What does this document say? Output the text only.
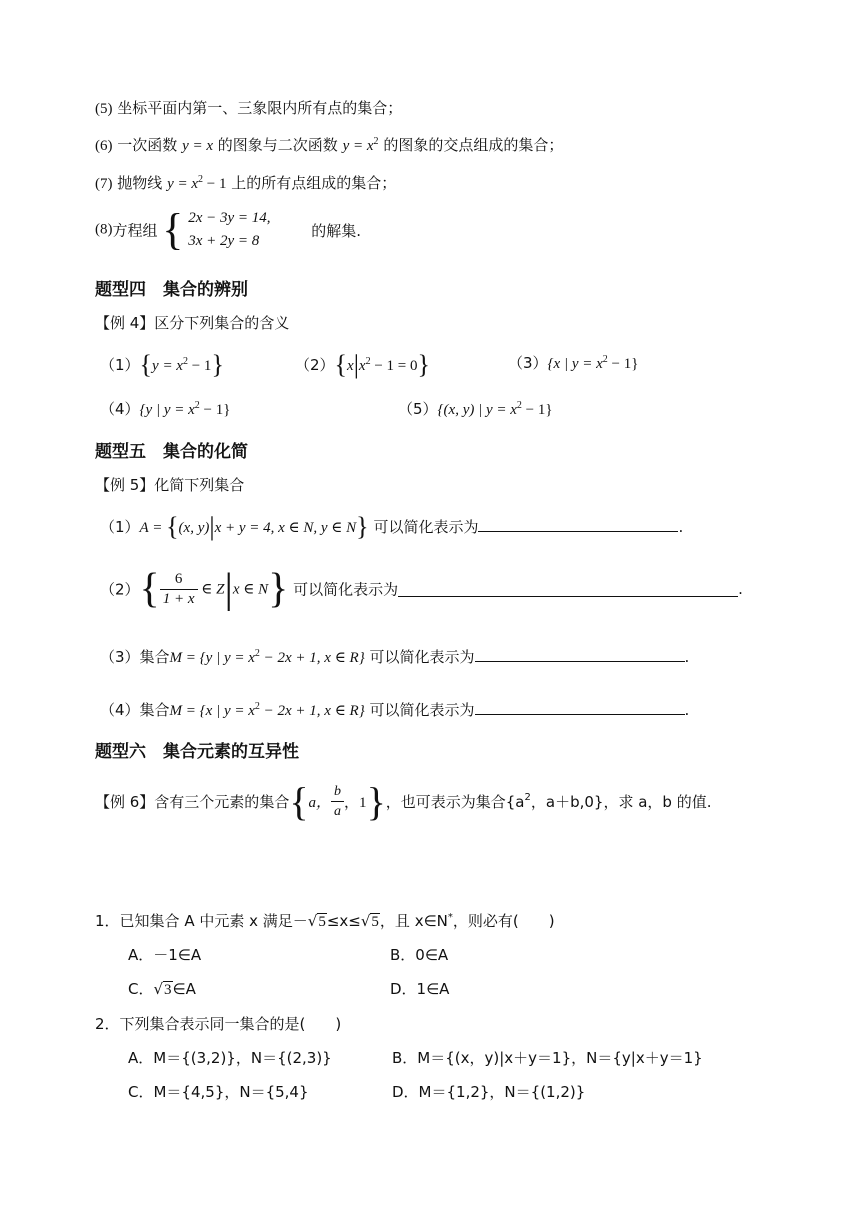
(5) 坐标平面内第一、三象限内所有点的集合；
(6) 一次函数 y = x 的图象与二次函数 $y = x^2$ 的图象的交点组成的集合；
(7) 抛物线 $y = x^2 - 1$ 上的所有点组成的集合；
(8)方程组 { 2x − 3y = 14,
3x + 2y = 8
的解集.
题型四　集合的辨别
【例 4】区分下列集合的含义
$(1)\{y = x^2 - 1\}$	$(2)\{x|x^2 - 1 = 0\}$	（3）{x | $y = x^2 - 1$}
（4）{y | $y = x^2 - 1$}	（5）{(x, y) | $y = x^2 - 1$}
题型五　集合的化简
【例 5】化简下列集合
（1）A = {(x, y)|x + y = 4, x ∈ N, y ∈ N} 可以简化表示为	.
$(2)\{ \frac{6}{1 + x}$ ∈ Z|x ∈ N} 可以简化表示为	.
（3）集合M = {y | $y = x^2 - 2x + 1$, x ∈ R} 可以简化表示为	.
（4）集合M = {x | $y = x^2 - 2x + 1$, x ∈ R} 可以简化表示为	.
题型六　集合元素的互异性
【例 6】含有三个元素的集合{a， $\frac{b}{a}$ ，1}，也可表示为集合{$a^2$，a＋b,0}，求 a，b 的值.
1．已知集合 A 中元素 x 满足－√5≤x≤√5，且 x∈N*，则必有(　　)
A．－1∈A	B．0∈A
C．√3∈A	D．1∈A
2．下列集合表示同一集合的是(　　)
A．M＝{(3,2)}，N＝{(2,3)}	B．M＝{(x，y)|x＋y＝1}，N＝{y|x＋y＝1}
C．M＝{4,5}，N＝{5,4}	D．M＝{1,2}，N＝{(1,2)}
